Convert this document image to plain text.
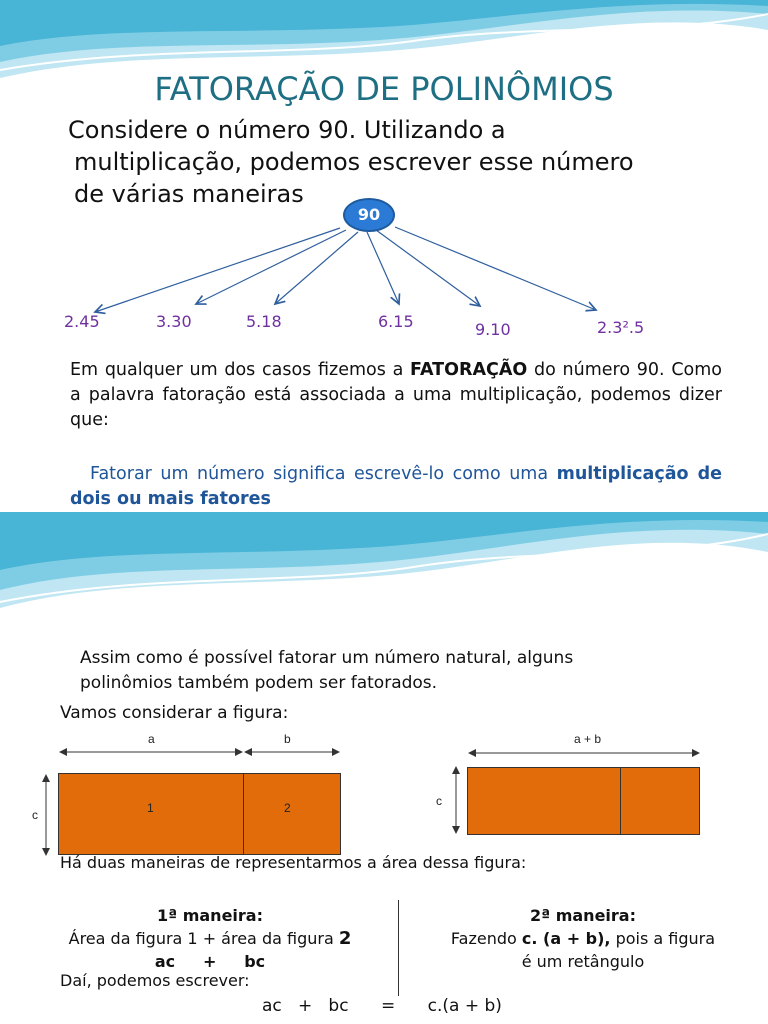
FATORAÇÃO DE POLINÔMIOS
Considere o número 90. Utilizando a
multiplicação, podemos escrever esse número
de várias maneiras
90
2.45	3.30	5.18	6.15	9.10	2.3².5
Em qualquer um dos casos fizemos a FATORAÇÃO do número 90. Como a palavra fatoração está associada a uma multiplicação, podemos dizer que:
Fatorar um número significa escrevê-lo como uma multiplicação de dois ou mais fatores
Assim como é possível fatorar um número natural, alguns
polinômios também podem ser fatorados.
Vamos considerar a figura:
a	b
c	1	2
a + b
c
Há duas maneiras de representarmos a área dessa figura:
1ª maneira:
Área da figura 1 + área da figura 2
ac     +     bc
2ª maneira:
Fazendo c. (a + b), pois a figura
é um retângulo
Daí, podemos escrever:
ac   +   bc      =      c.(a + b)
